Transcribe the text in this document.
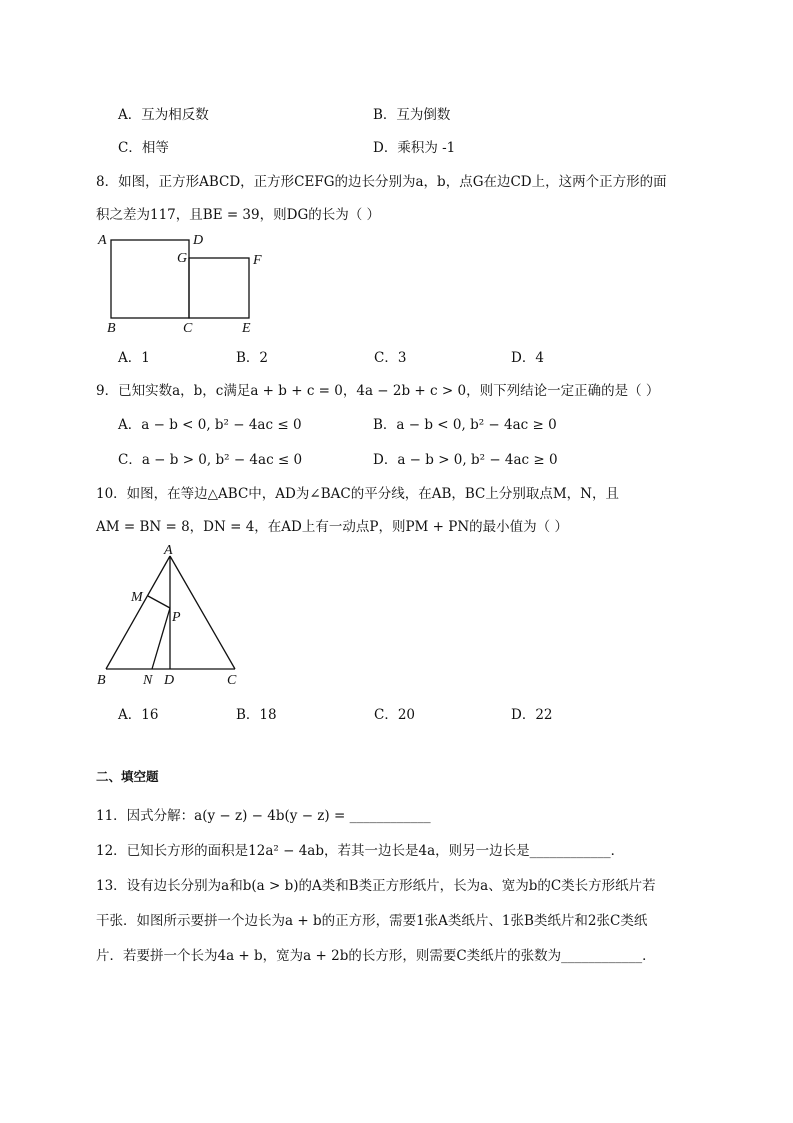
A．互为相反数	B．互为倒数
C．相等	D．乘积为 -1
8．如图，正方形ABCD，正方形CEFG的边长分别为a，b，点G在边CD上，这两个正方形的面
积之差为117，且BE = 39，则DG的长为（ ）
A	D
G	F
B	C	E
A．1	B．2	C．3	D．4
9．已知实数a，b，c满足a + b + c = 0，4a − 2b + c > 0，则下列结论一定正确的是（ ）
A．a − b < 0, b² − 4ac ≤ 0	B．a − b < 0, b² − 4ac ≥ 0
C．a − b > 0, b² − 4ac ≤ 0	D．a − b > 0, b² − 4ac ≥ 0
10．如图，在等边△ABC中，AD为∠BAC的平分线，在AB，BC上分别取点M，N，且
AM = BN = 8，DN = 4，在AD上有一动点P，则PM + PN的最小值为（ ）
A
M
P
B	N D	C
A．16	B．18	C．20	D．22
二、填空题
11．因式分解：a(y − z) − 4b(y − z) = ____________
12．已知长方形的面积是12a² − 4ab，若其一边长是4a，则另一边长是____________．
13．设有边长分别为a和b(a > b)的A类和B类正方形纸片，长为a、宽为b的C类长方形纸片若
干张．如图所示要拼一个边长为a + b的正方形，需要1张A类纸片、1张B类纸片和2张C类纸
片．若要拼一个长为4a + b，宽为a + 2b的长方形，则需要C类纸片的张数为____________．
